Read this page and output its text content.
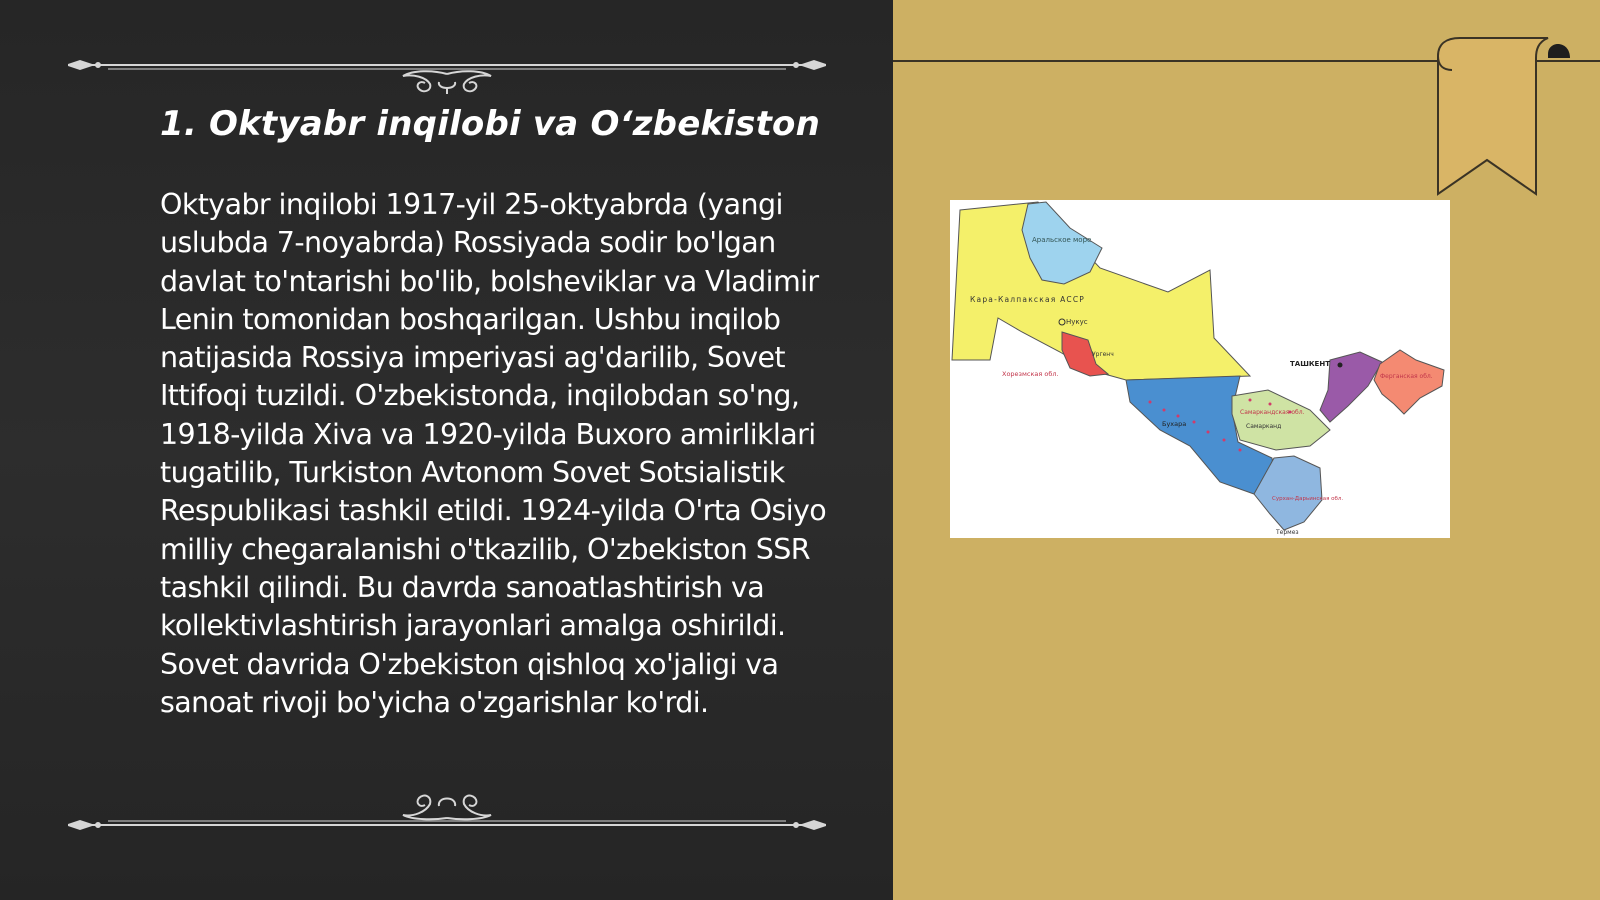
1. Oktyabr inqilobi va O‘zbekiston

Oktyabr inqilobi 1917-yil 25-oktyabrda (yangi uslubda 7-noyabrda) Rossiyada sodir bo'lgan davlat to'ntarishi bo'lib, bolsheviklar va Vladimir Lenin tomonidan boshqarilgan. Ushbu inqilob natijasida Rossiya imperiyasi ag'darilib, Sovet Ittifoqi tuzildi. O'zbekistonda, inqilobdan so'ng, 1918-yilda Xiva va 1920-yilda Buxoro amirliklari tugatilib, Turkiston Avtonom Sovet Sotsialistik Respublikasi tashkil etildi. 1924-yilda O'rta Osiyo milliy chegaralanishi o'tkazilib, O'zbekiston SSR tashkil qilindi. Bu davrda sanoatlashtirish va kollektivlashtirish jarayonlari amalga oshirildi. Sovet davrida O'zbekiston qishloq xo'jaligi va sanoat rivoji bo'yicha o'zgarishlar ko'rdi.

Аральское море
Кара-Калпакская АССР
Нукус
Ургенч
Хорезмская обл.
ТАШКЕНТ
Ферганская обл.
Самаркандская обл.
Самарканд
Бухара
Сурхан-Дарьинская обл.
Термез
